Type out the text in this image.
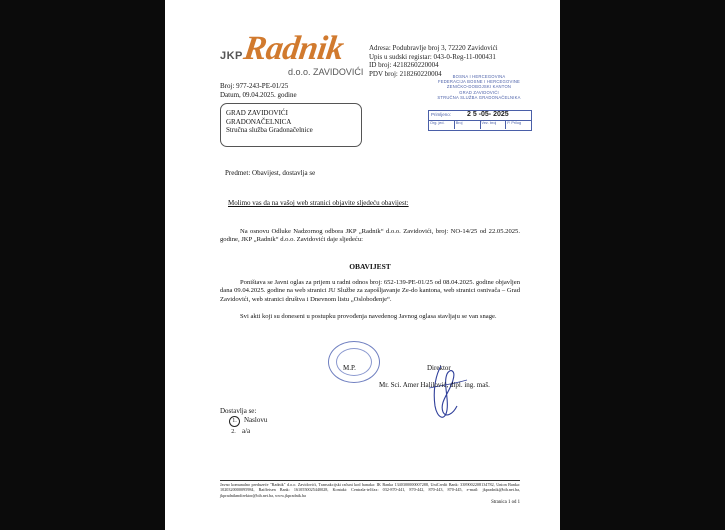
JKP
Radnik
d.o.o. ZAVIDOVIĆI
Adresa: Podubravlje broj 3, 72220 Zavidovići
Upis u sudski registar: 043-0-Reg-11-000431
ID broj: 4218260220004
PDV broj: 218260220004	BOSNA I HERCEGOVINA
FEDERACIJA BOSNE I HERCEGOVINE
ZENIČKO-DOBOJSKI KANTON
GRAD ZAVIDOVIĆI
STRUČNA SLUŽBA GRADONAČELNIKA
Primljeno: 2 5 -05- 2025
Org. jed.	Broj	Vez. broj	P. Prilog
Broj: 977-243-PE-01/25
Datum, 09.04.2025. godine
GRAD ZAVIDOVIĆI
GRADONAČELNICA
Stručna služba Gradonačelnice
Predmet: Obavijest, dostavlja se
Molimo vas da na vašoj web stranici objavite sljedeću obavijest:
Na osnovu Odluke Nadzornog odbora JKP „Radnik“ d.o.o. Zavidovići, broj: NO-14/25 od 22.05.2025. godine, JKP „Radnik“ d.o.o. Zavidovići daje sljedeću:
OBAVIJEST
Poništava se Javni oglas za prijem u radni odnos broj: 652-139-PE-01/25 od 08.04.2025. godine objavljen dana 09.04.2025. godine na web stranici JU Službe za zapošljavanje Ze-do kantona, web stranici osnivača – Grad Zavidovići, web stranici društva i Dnevnom listu „Oslobođenje“.
Svi akti koji su doneseni u postupku provođenja navedenog Javnog oglasa stavljaju se van snage.
M.P.	Direktor
Mr. Sci. Amer Halilović, dipl. ing. maš.
Dostavlja se:
1. Naslovu
2. a/a
Javno komunalno preduzeće "Radnik" d.o.o. Zavidovići, Transakcijski računi kod banaka: IK Banka 1340300000007288, UniCredit Bank: 3389002208134782, Union Banka: 1020320000095984, Raiffeisen Bank: 1610550025440028, Kontakt: Centrala-tel/fax: 032-870-441, 870-442, 870-443, 870-445, e-mail: jkpradnik@bih.net.ba, jkpradnikmdirektor@bih.net.ba, www.jkpradnik.ba
Stranica 1 od 1
